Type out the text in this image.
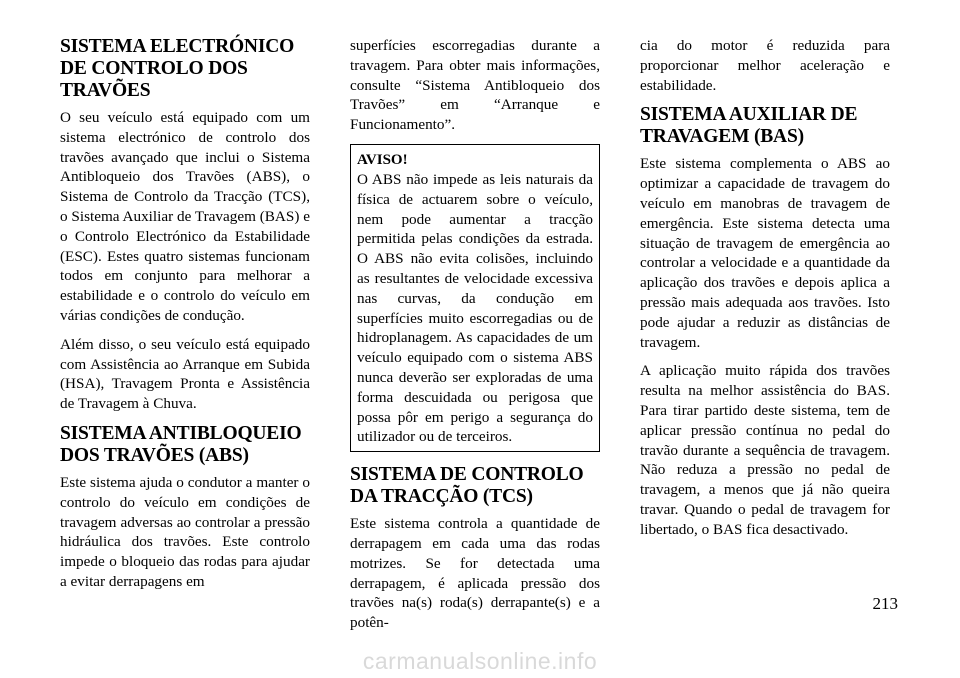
SISTEMA ELECTRÓNICO DE CONTROLO DOS TRAVÕES

O seu veículo está equipado com um sistema electrónico de controlo dos travões avançado que inclui o Sistema Antibloqueio dos Travões (ABS), o Sistema de Controlo da Tracção (TCS), o Sistema Auxiliar de Travagem (BAS) e o Controlo Electrónico da Estabilidade (ESC). Estes quatro sistemas funcionam todos em conjunto para melhorar a estabilidade e o controlo do veículo em várias condições de condução.

Além disso, o seu veículo está equipado com Assistência ao Arranque em Subida (HSA), Travagem Pronta e Assistência de Travagem à Chuva.

SISTEMA ANTIBLOQUEIO DOS TRAVÕES (ABS)

Este sistema ajuda o condutor a manter o controlo do veículo em condições de travagem adversas ao controlar a pressão hidráulica dos travões. Este controlo impede o bloqueio das rodas para ajudar a evitar derrapagens em

superfícies escorregadias durante a travagem. Para obter mais informações, consulte “Sistema Antibloqueio dos Travões” em “Arranque e Funcionamento”.

AVISO!

O ABS não impede as leis naturais da física de actuarem sobre o veículo, nem pode aumentar a tracção permitida pelas condições da estrada. O ABS não evita colisões, incluindo as resultantes de velocidade excessiva nas curvas, da condução em superfícies muito escorregadias ou de hidroplanagem. As capacidades de um veículo equipado com o sistema ABS nunca deverão ser exploradas de uma forma descuidada ou perigosa que possa pôr em perigo a segurança do utilizador ou de terceiros.

SISTEMA DE CONTROLO DA TRACÇÃO (TCS)

Este sistema controla a quantidade de derrapagem em cada uma das rodas motrizes. Se for detectada uma derrapagem, é aplicada pressão dos travões na(s) roda(s) derrapante(s) e a potên-

cia do motor é reduzida para proporcionar melhor aceleração e estabilidade.

SISTEMA AUXILIAR DE TRAVAGEM (BAS)

Este sistema complementa o ABS ao optimizar a capacidade de travagem do veículo em manobras de travagem de emergência. Este sistema detecta uma situação de travagem de emergência ao controlar a velocidade e a quantidade da aplicação dos travões e depois aplica a pressão mais adequada aos travões. Isto pode ajudar a reduzir as distâncias de travagem.

A aplicação muito rápida dos travões resulta na melhor assistência do BAS. Para tirar partido deste sistema, tem de aplicar pressão contínua no pedal do travão durante a sequência de travagem. Não reduza a pressão no pedal de travagem, a menos que já não queira travar. Quando o pedal de travagem for libertado, o BAS fica desactivado.

213
carmanualsonline.info
